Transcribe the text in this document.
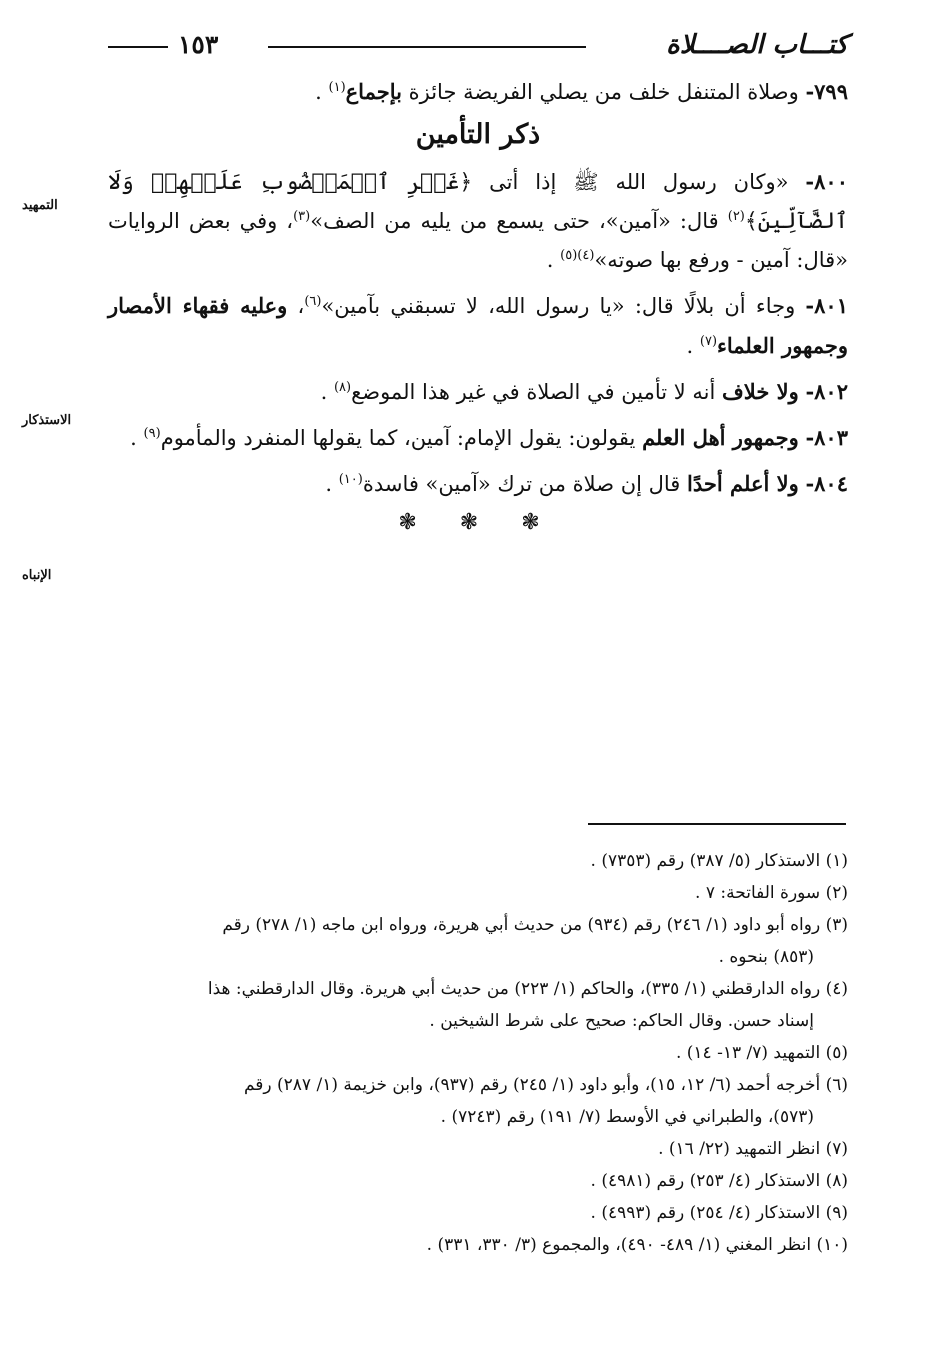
كتـــاب الصــــلاة
١٥٣

٧٩٩- وصلاة المتنفل خلف من يصلي الفريضة جائزة بإجماع$^{(١)}$ .

ذكر التأمين

٨٠٠- «وكان رسول الله ﷺ إذا أتى ﴿غَيۡرِ ٱلۡمَغۡضُوبِ عَلَيۡهِمۡ وَلَا ٱلضَّآلِّينَ﴾$^{(٢)}$ قال: «آمين»، حتى يسمع من يليه من الصف»$^{(٣)}$، وفي بعض الروايات «قال: آمين - ورفع بها صوته»$^{(٤)(٥)}$ .

٨٠١- وجاء أن بلالًا قال: «يا رسول الله، لا تسبقني بآمين»$^{(٦)}$، وعليه فقهاء الأمصار وجمهور العلماء$^{(٧)}$ .

٨٠٢- ولا خلاف أنه لا تأمين في الصلاة في غير هذا الموضع$^{(٨)}$ .

٨٠٣- وجمهور أهل العلم يقولون: يقول الإمام: آمين، كما يقولها المنفرد والمأموم$^{(٩)}$ .

٨٠٤- ولا أعلم أحدًا قال إن صلاة من ترك «آمين» فاسدة$^{(١٠)}$ .

❃ ❃ ❃
التمهيد
الاستذكار
الإنباه

(١) الاستذكار (٥/ ٣٨٧) رقم (٧٣٥٣) .

(٢) سورة الفاتحة: ٧ .

(٣) رواه أبو داود (١/ ٢٤٦) رقم (٩٣٤) من حديث أبي هريرة، ورواه ابن ماجه (١/ ٢٧٨) رقم
(٨٥٣) بنحوه .

(٤) رواه الدارقطني (١/ ٣٣٥)، والحاكم (١/ ٢٢٣) من حديث أبي هريرة. وقال الدارقطني: هذا
إسناد حسن. وقال الحاكم: صحيح على شرط الشيخين .

(٥) التمهيد (٧/ ١٣- ١٤) .

(٦) أخرجه أحمد (٦/ ١٢، ١٥)، وأبو داود (١/ ٢٤٥) رقم (٩٣٧)، وابن خزيمة (١/ ٢٨٧) رقم
(٥٧٣)، والطبراني في الأوسط (٧/ ١٩١) رقم (٧٢٤٣) .

(٧) انظر التمهيد (٢٢/ ١٦) .

(٨) الاستذكار (٤/ ٢٥٣) رقم (٤٩٨١) .

(٩) الاستذكار (٤/ ٢٥٤) رقم (٤٩٩٣) .

(١٠) انظر المغني (١/ ٤٨٩- ٤٩٠)، والمجموع (٣/ ٣٣٠، ٣٣١) .
